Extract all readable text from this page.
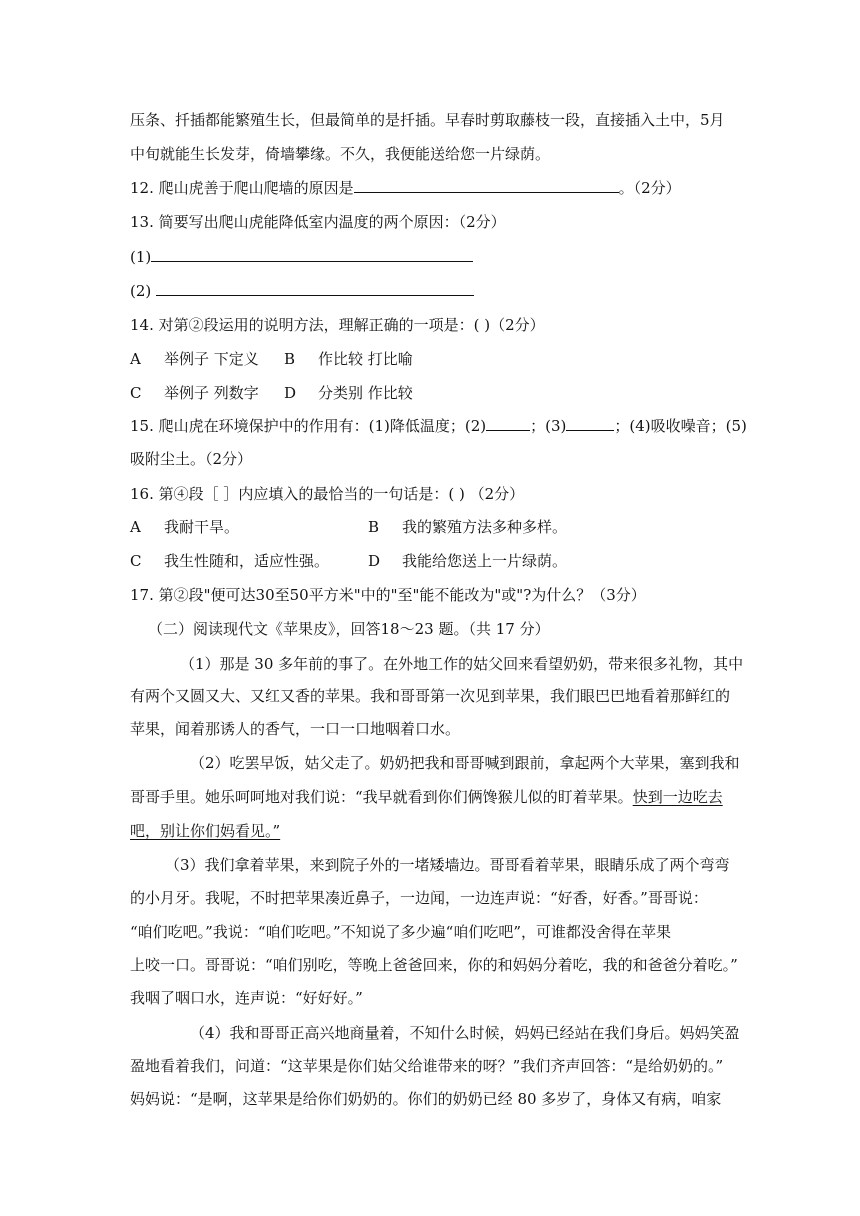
压条、扦插都能繁殖生长，但最简单的是扦插。早春时剪取藤枝一段，直接插入土中，5月
中旬就能生长发芽，倚墙攀缘。不久，我便能送给您一片绿荫。
12. 爬山虎善于爬山爬墙的原因是	。（2分）
13. 简要写出爬山虎能降低室内温度的两个原因：（2分）
(1)
(2)
14. 对第②段运用的说明方法，理解正确的一项是：( )（2分）
A 举例子 下定义 B 作比较 打比喻
C 举例子 列数字 D 分类别 作比较
15. 爬山虎在环境保护中的作用有：(1)降低温度；(2)	；(3)	；(4)吸收噪音；(5)
吸附尘土。（2分）
16. 第④段［ ］内应填入的最恰当的一句话是：( ) （2分）
A 我耐干旱。	B 我的繁殖方法多种多样。
C 我生性随和，适应性强。	D 我能给您送上一片绿荫。
17. 第②段"便可达30至50平方米"中的"至"能不能改为"或"?为什么？（3分）
（二）阅读现代文《苹果皮》，回答18～23 题。（共 17 分）
（1）那是 30 多年前的事了。在外地工作的姑父回来看望奶奶，带来很多礼物，其中
有两个又圆又大、又红又香的苹果。我和哥哥第一次见到苹果，我们眼巴巴地看着那鲜红的
苹果，闻着那诱人的香气，一口一口地咽着口水。
（2）吃罢早饭，姑父走了。奶奶把我和哥哥喊到跟前，拿起两个大苹果，塞到我和
哥哥手里。她乐呵呵地对我们说：“我早就看到你们俩馋猴儿似的盯着苹果。快到一边吃去
吧，别让你们妈看见。”
（3）我们拿着苹果，来到院子外的一堵矮墙边。哥哥看着苹果，眼睛乐成了两个弯弯
的小月牙。我呢，不时把苹果凑近鼻子，一边闻，一边连声说：“好香，好香。”哥哥说：
“咱们吃吧。”我说：“咱们吃吧。”不知说了多少遍“咱们吃吧”，可谁都没舍得在苹果
上咬一口。哥哥说：“咱们别吃，等晚上爸爸回来，你的和妈妈分着吃，我的和爸爸分着吃。”
我咽了咽口水，连声说：“好好好。”
（4）我和哥哥正高兴地商量着，不知什么时候，妈妈已经站在我们身后。妈妈笑盈
盈地看着我们，问道：“这苹果是你们姑父给谁带来的呀？”我们齐声回答：“是给奶奶的。”
妈妈说：“是啊，这苹果是给你们奶奶的。你们的奶奶已经 80 多岁了，身体又有病，咱家
